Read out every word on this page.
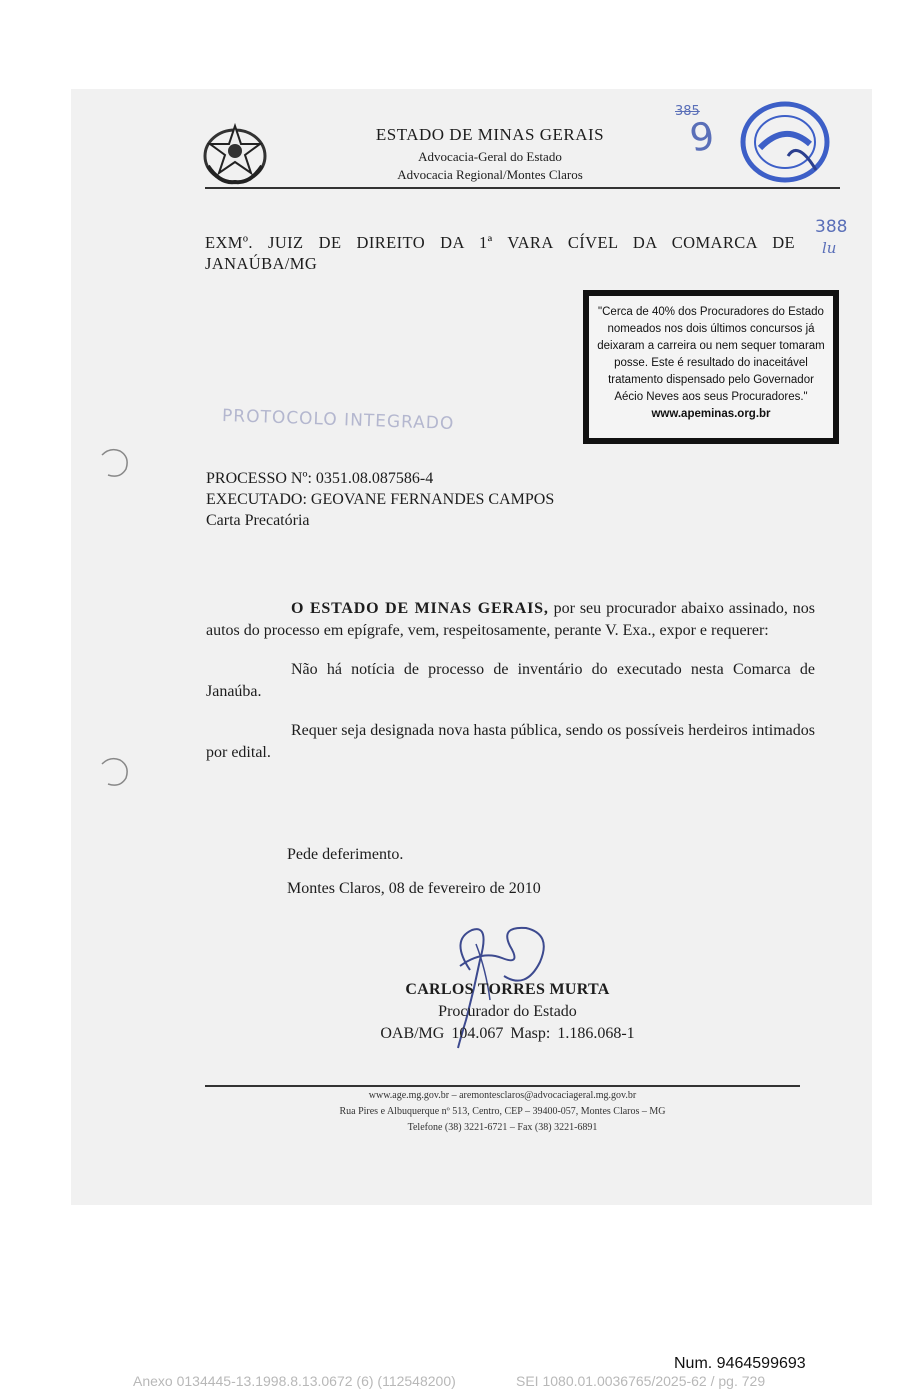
ESTADO DE MINAS GERAIS
Advocacia-Geral do Estado
Advocacia Regional/Montes Claros
385
9
388
lu
EXMº. JUIZ DE DIREITO DA 1ª VARA CÍVEL DA COMARCA DE JANAÚBA/MG
"Cerca de 40% dos Procuradores do Estado nomeados nos dois últimos concursos já deixaram a carreira ou nem sequer tomaram posse. Este é resultado do inaceitável tratamento dispensado pelo Governador Aécio Neves aos seus Procuradores."
www.apeminas.org.br
PROTOCOLO INTEGRADO
PROCESSO Nº: 0351.08.087586-4
EXECUTADO: GEOVANE FERNANDES CAMPOS
Carta Precatória

O ESTADO DE MINAS GERAIS, por seu procurador abaixo assinado, nos autos do processo em epígrafe, vem, respeitosamente, perante V. Exa., expor e requerer:

Não há notícia de processo de inventário do executado nesta Comarca de Janaúba.

Requer seja designada nova hasta pública, sendo os possíveis herdeiros intimados por edital.

Pede deferimento.
Montes Claros, 08 de fevereiro de 2010
CARLOS TORRES MURTA
Procurador do Estado
OAB/MG 104.067 Masp: 1.186.068-1
www.age.mg.gov.br – aremontesclaros@advocaciageral.mg.gov.br
Rua Pires e Albuquerque nº 513, Centro, CEP – 39400-057, Montes Claros – MG
Telefone (38) 3221-6721 – Fax (38) 3221-6891
Num. 9464599693
Anexo 0134445-13.1998.8.13.0672 (6) (112548200)	SEI 1080.01.0036765/2025-62 / pg. 729
